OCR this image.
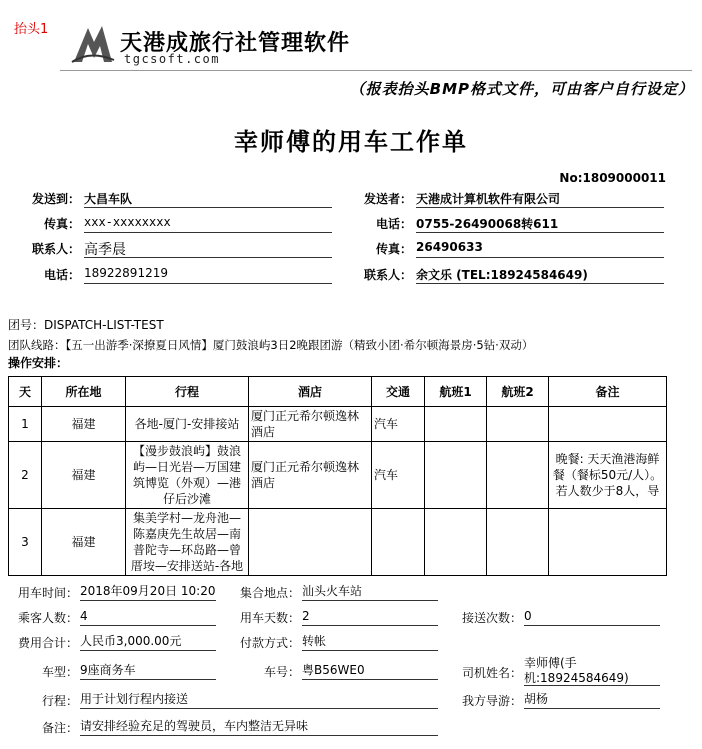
抬头1
天港成旅行社管理软件
tgcsoft.com
（报表抬头BMP格式文件，可由客户自行设定）
幸师傅的用车工作单
No:1809000011
发送到： 大昌车队
传真： xxx-xxxxxxxx
联系人： 高季晨
电话： 18922891219
发送者： 天港成计算机软件有限公司
电话： 0755-26490068转611
传真： 26490633
联系人： 余文乐 (TEL:18924584649)
团号：DISPATCH-LIST-TEST
团队线路：【五一出游季·深撩夏日风情】厦门鼓浪屿3日2晚跟团游（精致小团·希尔顿海景房·5钻·双动）
操作安排：
天	所在地	行程	酒店	交通	航班1	航班2	备注
1	福建	各地-厦门-安排接站	厦门正元希尔顿逸林酒店	汽车			
2	福建	【漫步鼓浪屿】鼓浪屿—日光岩—万国建筑博览（外观）—港仔后沙滩	厦门正元希尔顿逸林酒店	汽车			晚餐: 天天渔港海鲜餐（餐标50元/人）。若人数少于8人，导
3	福建	集美学村—龙舟池—陈嘉庚先生故居—南普陀寺—环岛路—曾厝垵—安排送站-各地					
用车时间： 2018年09月20日 10:20	集合地点： 汕头火车站
乘客人数： 4	用车天数： 2	接送次数： 0
费用合计： 人民币3,000.00元	付款方式： 转帐
车型： 9座商务车	车号： 粤B56WE0	司机姓名：
幸师傅(手机:18924584649)
行程： 用于计划行程内接送	我方导游： 胡杨
备注： 请安排经验充足的驾驶员，车内整洁无异味
